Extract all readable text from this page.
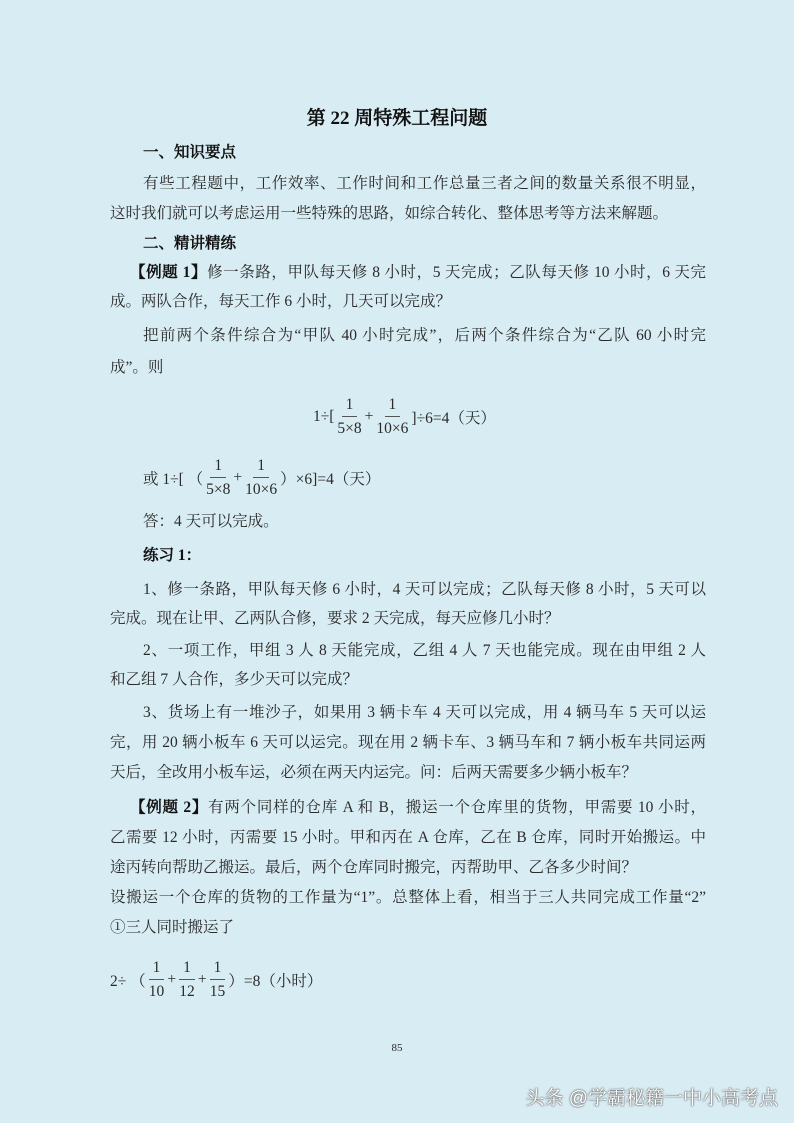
第 22 周特殊工程问题
一、知识要点
有些工程题中，工作效率、工作时间和工作总量三者之间的数量关系很不明显，
这时我们就可以考虑运用一些特殊的思路，如综合转化、整体思考等方法来解题。
二、精讲精练
【例题 1】修一条路，甲队每天修 8 小时，5 天完成；乙队每天修 10 小时，6 天完
成。两队合作，每天工作 6 小时，几天可以完成？
把前两个条件综合为“甲队 40 小时完成”，后两个条件综合为“乙队 60 小时完
成”。则
$1\div[ \frac{1}{5\times 8} + \frac{1}{10\times 6} ]\div 6=4$（天）
或 1÷[ （ $\frac{1}{5\times 8} + \frac{1}{10\times 6} )\times 6]=4$（天）
答：4 天可以完成。
练习 1：
1、修一条路，甲队每天修 6 小时，4 天可以完成；乙队每天修 8 小时，5 天可以
完成。现在让甲、乙两队合修，要求 2 天完成，每天应修几小时？
2、一项工作，甲组 3 人 8 天能完成，乙组 4 人 7 天也能完成。现在由甲组 2 人
和乙组 7 人合作，多少天可以完成？
3、货场上有一堆沙子，如果用 3 辆卡车 4 天可以完成，用 4 辆马车 5 天可以运
完，用 20 辆小板车 6 天可以运完。现在用 2 辆卡车、3 辆马车和 7 辆小板车共同运两
天后，全改用小板车运，必须在两天内运完。问：后两天需要多少辆小板车？
【例题 2】有两个同样的仓库 A 和 B，搬运一个仓库里的货物，甲需要 10 小时，
乙需要 12 小时，丙需要 15 小时。甲和丙在 A 仓库，乙在 B 仓库，同时开始搬运。中
途丙转向帮助乙搬运。最后，两个仓库同时搬完，丙帮助甲、乙各多少时间？
设搬运一个仓库的货物的工作量为“1”。总整体上看，相当于三人共同完成工作量“2”
①三人同时搬运了
2÷ （ $\frac{1}{10} + \frac{1}{12} + \frac{1}{15} )=8$（小时）
85
头条 @学霸秘籍一中小高考点
